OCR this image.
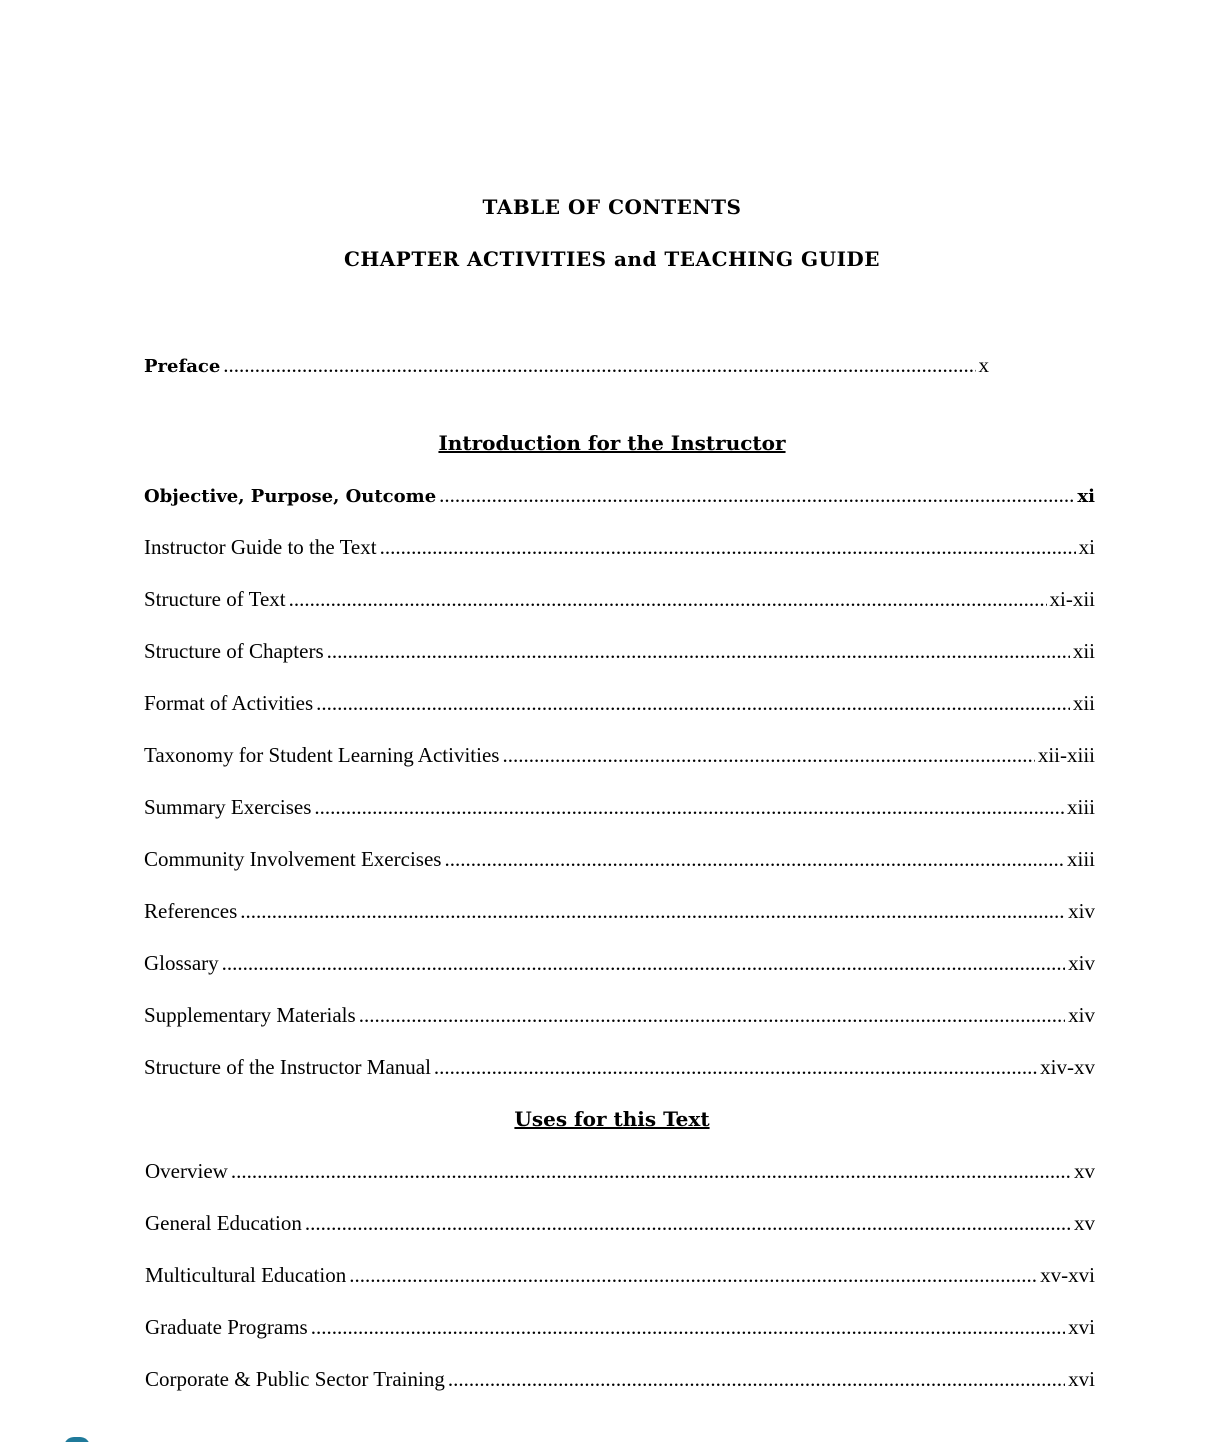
TABLE OF CONTENTS
CHAPTER ACTIVITIES and TEACHING GUIDE
Preface .....	x
Introduction for the Instructor
Objective, Purpose, Outcome .....	xi
Instructor Guide to the Text .....	xi
Structure of Text .....	xi-xii
Structure of Chapters .....	xii
Format of Activities .....	xii
Taxonomy for Student Learning Activities .....	xii-xiii
Summary Exercises .....	xiii
Community Involvement Exercises .....	xiii
References .....	xiv
Glossary .....	xiv
Supplementary Materials .....	xiv
Structure of the Instructor Manual .....	xiv-xv
Uses for this Text
Overview .....	xv
General Education .....	xv
Multicultural Education .....	xv-xvi
Graduate Programs .....	xvi
Corporate & Public Sector Training .....	xvi
